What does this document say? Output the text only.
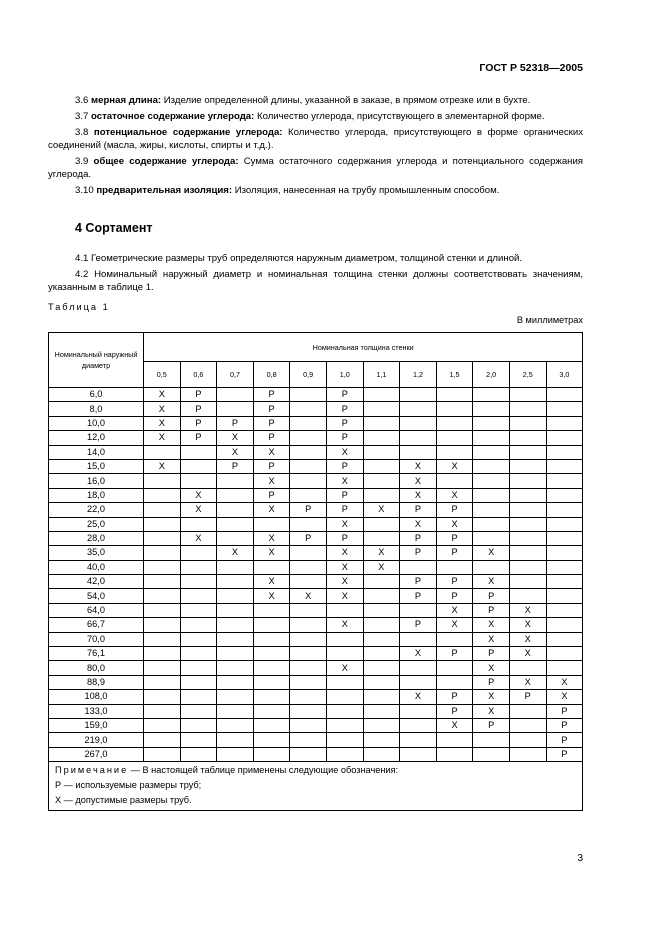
ГОСТ Р 52318—2005

3.6 мерная длина: Изделие определенной длины, указанной в заказе, в прямом отрезке или в бухте.

3.7 остаточное содержание углерода: Количество углерода, присутствующего в элементарной форме.

3.8 потенциальное содержание углерода: Количество углерода, присутствующего в форме органических соединений (масла, жиры, кислоты, спирты и т.д.).

3.9 общее содержание углерода: Сумма остаточного содержания углерода и потенциального содержания углерода.

3.10 предварительная изоляция: Изоляция, нанесенная на трубу промышленным способом.

4 Сортамент

4.1 Геометрические размеры труб определяются наружным диаметром, толщиной стенки и длиной.

4.2 Номинальный наружный диаметр и номинальная толщина стенки должны соответствовать значениям, указанным в таблице 1.

Таблица 1
В миллиметрах
Номинальный наружный диаметр	Номинальная толщина стенки											
	0,5	0,6	0,7	0,8	0,9	1,0	1,1	1,2	1,5	2,0	2,5	3,0
6,0	X	P		P		P						
8,0	X	P		P		P						
10,0	X	P	P	P		P						
12,0	X	P	X	P		P						
14,0			X	X		X						
15,0	X		P	P		P		X	X			
16,0				X		X		X				
18,0		X		P		P		X	X			
22,0		X		X	P	P	X	P	P			
25,0						X		X	X			
28,0		X		X	P	P		P	P			
35,0			X	X		X	X	P	P	X		
40,0						X	X					
42,0				X		X		P	P	X		
54,0				X	X	X		P	P	P		
64,0									X	P	X	
66,7						X		P	X	X	X	
70,0										X	X	
76,1								X	P	P	X	
80,0						X				X		
88,9										P	X	X
108,0								X	P	X	P	X
133,0									P	X		P
159,0									X	P		P
219,0												P
267,0												P

Примечание — В настоящей таблице применены следующие обозначения:
Р — используемые размеры труб;
Х — допустимые размеры труб.												
3
